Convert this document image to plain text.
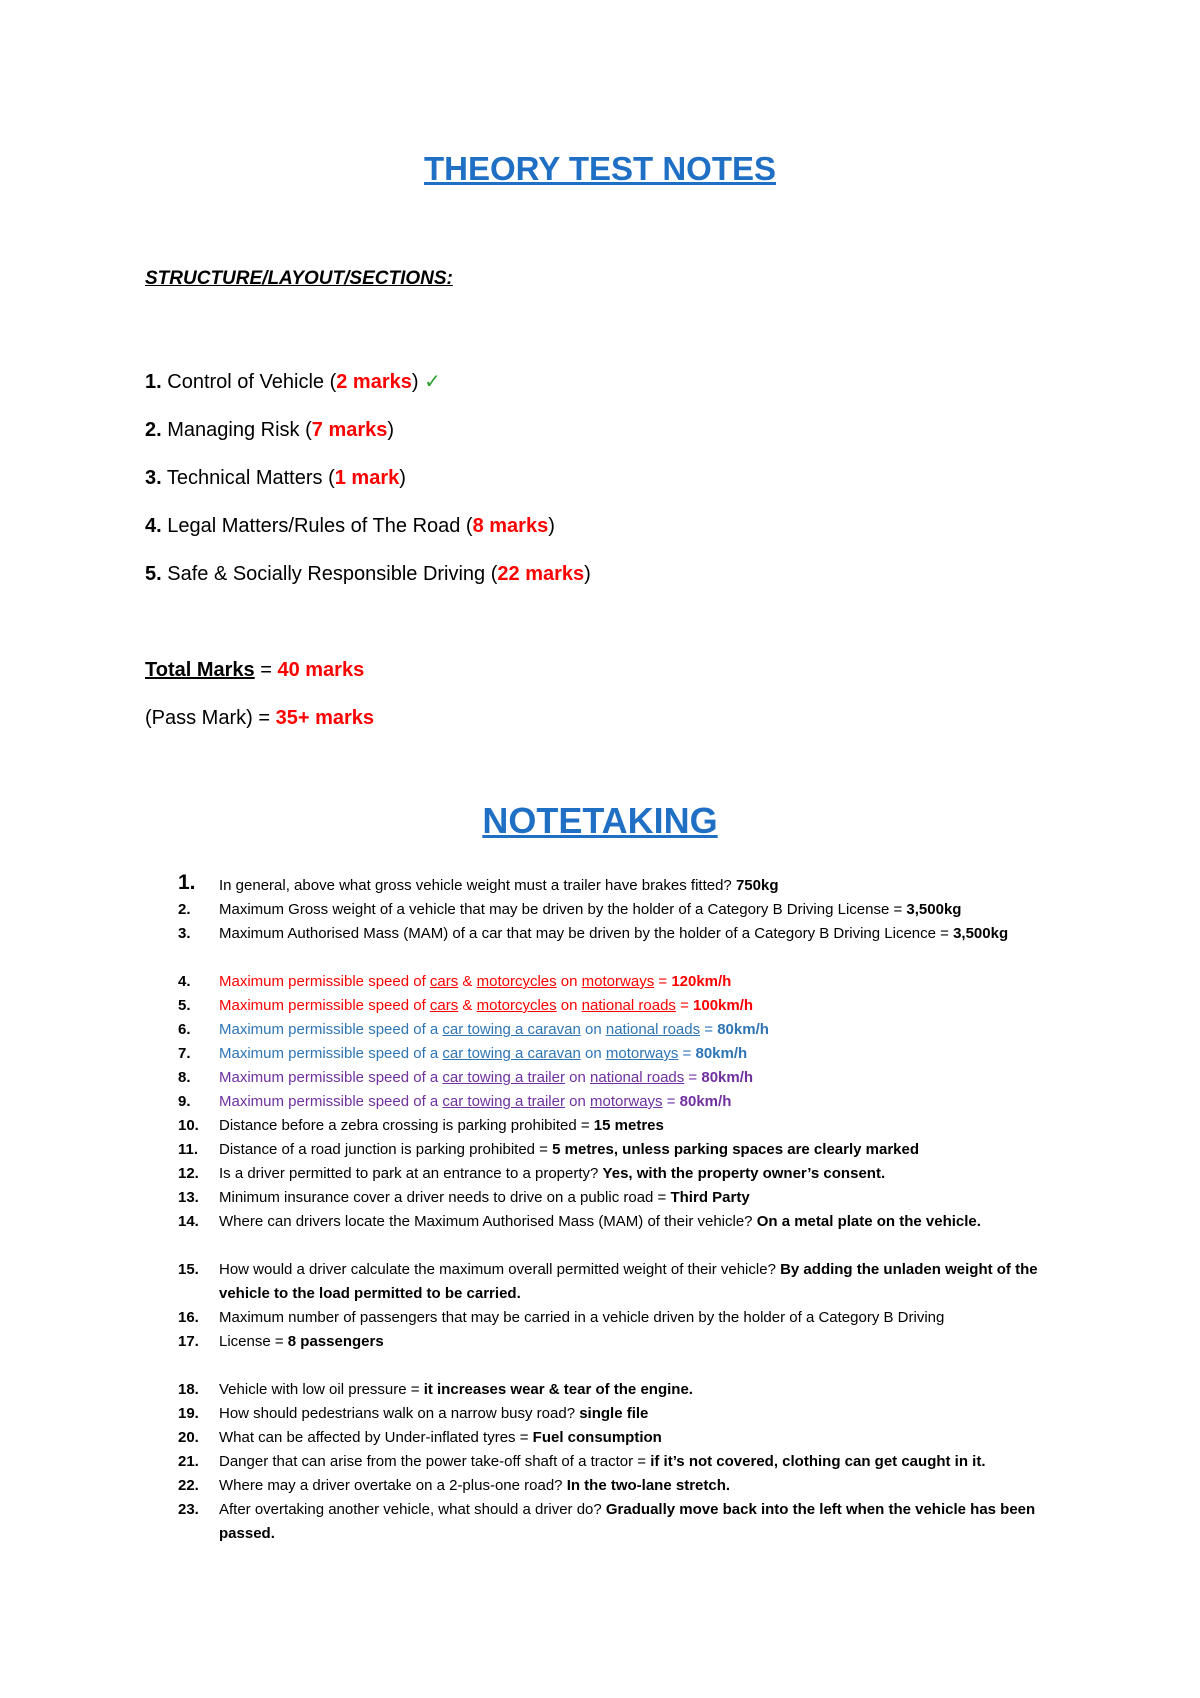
THEORY TEST NOTES
STRUCTURE/LAYOUT/SECTIONS:
1. Control of Vehicle (2 marks) ✓
2. Managing Risk (7 marks)
3. Technical Matters (1 mark)
4. Legal Matters/Rules of The Road (8 marks)
5. Safe & Socially Responsible Driving (22 marks)
Total Marks = 40 marks
(Pass Mark) = 35+ marks
NOTETAKING
1.	In general, above what gross vehicle weight must a trailer have brakes fitted? 750kg
2.	Maximum Gross weight of a vehicle that may be driven by the holder of a Category B Driving License = 3,500kg
3.	Maximum Authorised Mass (MAM) of a car that may be driven by the holder of a Category B Driving Licence = 3,500kg
4.	Maximum permissible speed of cars & motorcycles on motorways = 120km/h
5.	Maximum permissible speed of cars & motorcycles on national roads = 100km/h
6.	Maximum permissible speed of a car towing a caravan on national roads = 80km/h
7.	Maximum permissible speed of a car towing a caravan on motorways = 80km/h
8.	Maximum permissible speed of a car towing a trailer on national roads = 80km/h
9.	Maximum permissible speed of a car towing a trailer on motorways = 80km/h
10.	Distance before a zebra crossing is parking prohibited = 15 metres
11.	Distance of a road junction is parking prohibited = 5 metres, unless parking spaces are clearly marked
12.	Is a driver permitted to park at an entrance to a property? Yes, with the property owner’s consent.
13.	Minimum insurance cover a driver needs to drive on a public road = Third Party
14.	Where can drivers locate the Maximum Authorised Mass (MAM) of their vehicle? On a metal plate on the vehicle.
15.	How would a driver calculate the maximum overall permitted weight of their vehicle? By adding the unladen weight of the vehicle to the load permitted to be carried.
16.	Maximum number of passengers that may be carried in a vehicle driven by the holder of a Category B Driving
17.	License = 8 passengers
18.	Vehicle with low oil pressure = it increases wear & tear of the engine.
19.	How should pedestrians walk on a narrow busy road? single file
20.	What can be affected by Under-inflated tyres = Fuel consumption
21.	Danger that can arise from the power take-off shaft of a tractor = if it’s not covered, clothing can get caught in it.
22.	Where may a driver overtake on a 2-plus-one road? In the two-lane stretch.
23.	After overtaking another vehicle, what should a driver do? Gradually move back into the left when the vehicle has been passed.
